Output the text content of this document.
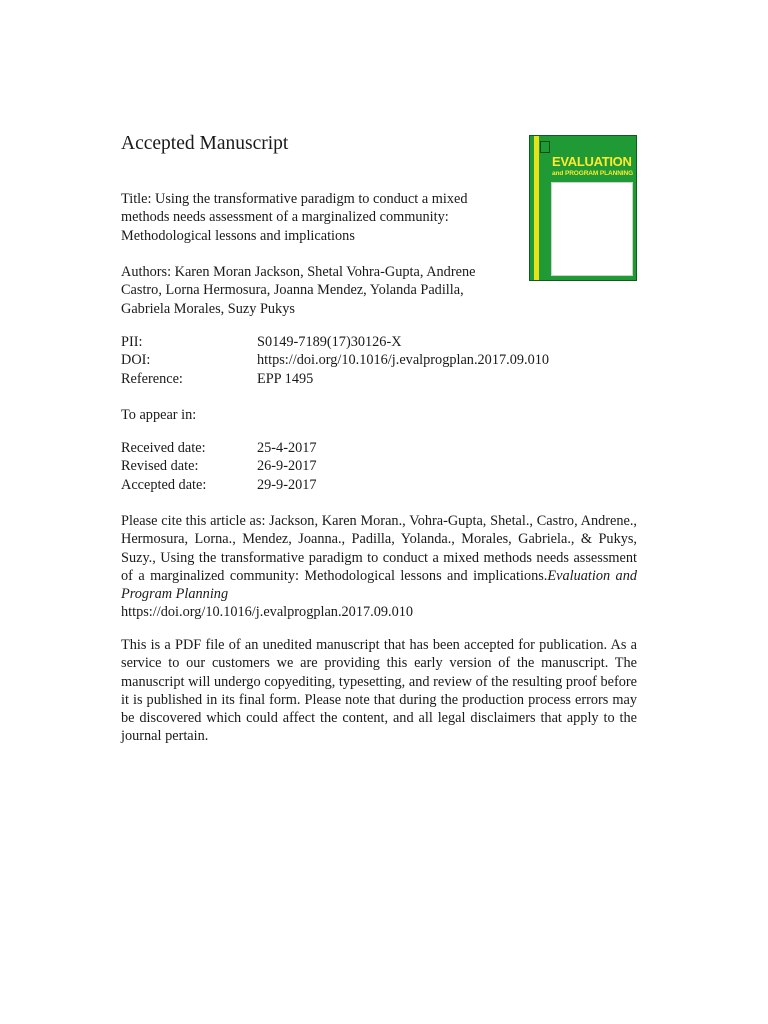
Accepted Manuscript
EVALUATION
and PROGRAM PLANNING

Title: Using the transformative paradigm to conduct a mixed methods needs assessment of a marginalized community: Methodological lessons and implications

Authors: Karen Moran Jackson, Shetal Vohra-Gupta, Andrene Castro, Lorna Hermosura, Joanna Mendez, Yolanda Padilla, Gabriela Morales, Suzy Pukys

PII:	S0149-7189(17)30126-X
DOI:	https://doi.org/10.1016/j.evalprogplan.2017.09.010
Reference:	EPP 1495

To appear in:

Received date:	25-4-2017
Revised date:	26-9-2017
Accepted date:	29-9-2017

Please cite this article as: Jackson, Karen Moran., Vohra-Gupta, Shetal., Castro, Andrene., Hermosura, Lorna., Mendez, Joanna., Padilla, Yolanda., Morales, Gabriela., & Pukys, Suzy., Using the transformative paradigm to conduct a mixed methods needs assessment of a marginalized community: Methodological lessons and implications.Evaluation and Program Planning
https://doi.org/10.1016/j.evalprogplan.2017.09.010

This is a PDF file of an unedited manuscript that has been accepted for publication. As a service to our customers we are providing this early version of the manuscript. The manuscript will undergo copyediting, typesetting, and review of the resulting proof before it is published in its final form. Please note that during the production process errors may be discovered which could affect the content, and all legal disclaimers that apply to the journal pertain.
